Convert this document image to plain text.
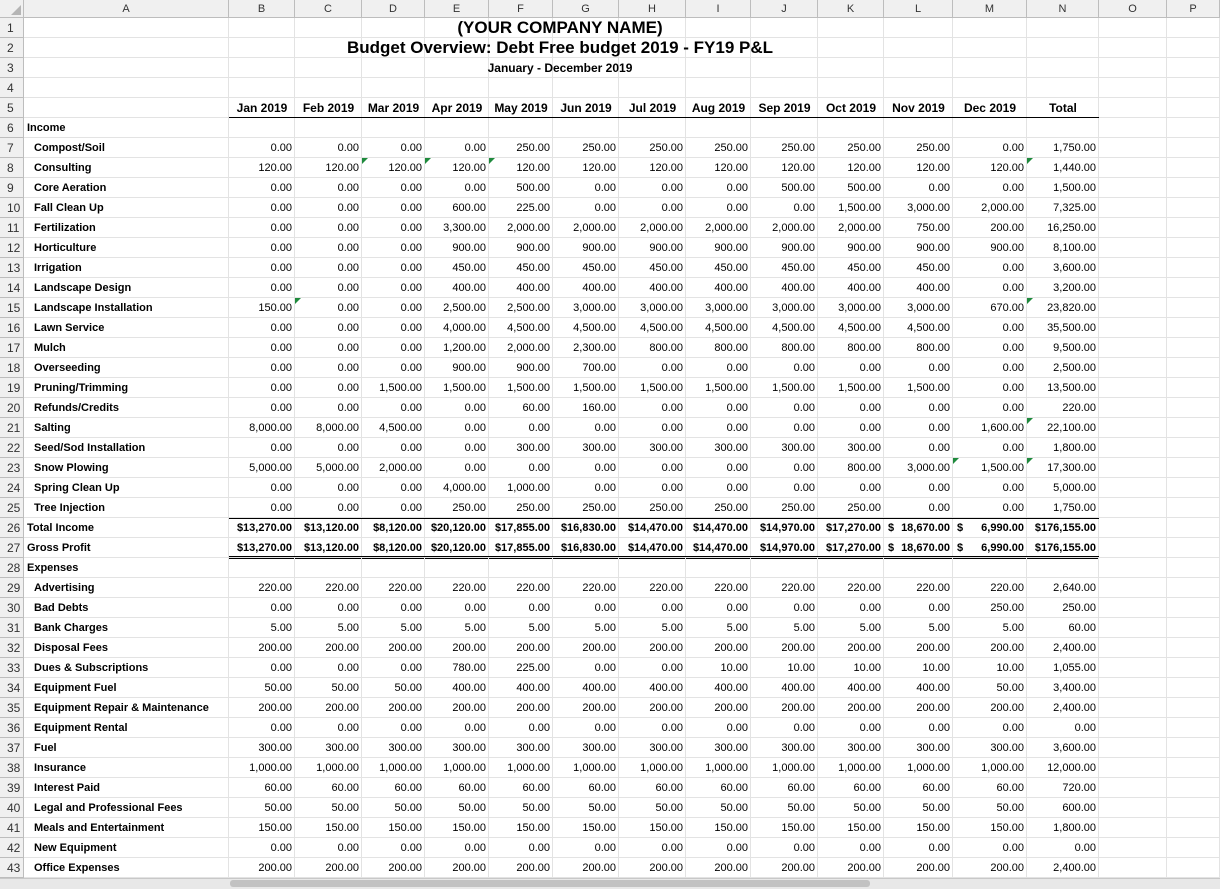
A	B	C	D	E	F	G	H	I	J	K	L	M	N	O	P
1	(YOUR COMPANY NAME)
2	Budget Overview: Debt Free budget 2019 - FY19 P&L
3	January - December 2019
4
5	Jan 2019	Feb 2019	Mar 2019	Apr 2019 May 2019	Jun 2019	Jul 2019	Aug 2019	Sep 2019	Oct 2019	Nov 2019	Dec 2019	Total
6	Income
7	Compost/Soil	0.00	0.00	0.00	0.00	250.00	250.00	250.00	250.00	250.00	250.00	250.00	0.00	1,750.00
8	Consulting	120.00	120.00	120.00	120.00	120.00	120.00	120.00	120.00	120.00	120.00	120.00	120.00	1,440.00
9	Core Aeration	0.00	0.00	0.00	0.00	500.00	0.00	0.00	0.00	500.00	500.00	0.00	0.00	1,500.00
10	Fall Clean Up	0.00	0.00	0.00	600.00	225.00	0.00	0.00	0.00	0.00	1,500.00	3,000.00	2,000.00	7,325.00
11	Fertilization	0.00	0.00	0.00	3,300.00	2,000.00	2,000.00	2,000.00	2,000.00	2,000.00	2,000.00	750.00	200.00	16,250.00
12	Horticulture	0.00	0.00	0.00	900.00	900.00	900.00	900.00	900.00	900.00	900.00	900.00	900.00	8,100.00
13	Irrigation	0.00	0.00	0.00	450.00	450.00	450.00	450.00	450.00	450.00	450.00	450.00	0.00	3,600.00
14	Landscape Design	0.00	0.00	0.00	400.00	400.00	400.00	400.00	400.00	400.00	400.00	400.00	0.00	3,200.00
15	Landscape Installation	150.00	0.00	0.00	2,500.00	2,500.00	3,000.00	3,000.00	3,000.00	3,000.00	3,000.00	3,000.00	670.00	23,820.00
16	Lawn Service	0.00	0.00	0.00	4,000.00	4,500.00	4,500.00	4,500.00	4,500.00	4,500.00	4,500.00	4,500.00	0.00	35,500.00
17	Mulch	0.00	0.00	0.00	1,200.00	2,000.00	2,300.00	800.00	800.00	800.00	800.00	800.00	0.00	9,500.00
18	Overseeding	0.00	0.00	0.00	900.00	900.00	700.00	0.00	0.00	0.00	0.00	0.00	0.00	2,500.00
19	Pruning/Trimming	0.00	0.00	1,500.00	1,500.00	1,500.00	1,500.00	1,500.00	1,500.00	1,500.00	1,500.00	1,500.00	0.00	13,500.00
20	Refunds/Credits	0.00	0.00	0.00	0.00	60.00	160.00	0.00	0.00	0.00	0.00	0.00	0.00	220.00
21	Salting	8,000.00	8,000.00	4,500.00	0.00	0.00	0.00	0.00	0.00	0.00	0.00	0.00	1,600.00	22,100.00
22	Seed/Sod Installation	0.00	0.00	0.00	0.00	300.00	300.00	300.00	300.00	300.00	300.00	0.00	0.00	1,800.00
23	Snow Plowing	5,000.00	5,000.00	2,000.00	0.00	0.00	0.00	0.00	0.00	0.00	800.00	3,000.00	1,500.00	17,300.00
24	Spring Clean Up	0.00	0.00	0.00	4,000.00	1,000.00	0.00	0.00	0.00	0.00	0.00	0.00	0.00	5,000.00
25	Tree Injection	0.00	0.00	0.00	250.00	250.00	250.00	250.00	250.00	250.00	250.00	0.00	0.00	1,750.00
26 Total Income	$13,270.00	$13,120.00	$8,120.00 $20,120.00 $17,855.00 $16,830.00	$14,470.00 $14,470.00	$14,970.00 $17,270.00 $ 18,670.00 $ 6,990.00 $176,155.00
27 Gross Profit	$13,270.00	$13,120.00	$8,120.00 $20,120.00 $17,855.00 $16,830.00	$14,470.00 $14,470.00	$14,970.00 $17,270.00 $ 18,670.00 $ 6,990.00 $176,155.00
28 Expenses
29	Advertising	220.00	220.00	220.00	220.00	220.00	220.00	220.00	220.00	220.00	220.00	220.00	220.00	2,640.00
30	Bad Debts	0.00	0.00	0.00	0.00	0.00	0.00	0.00	0.00	0.00	0.00	0.00	250.00	250.00
31	Bank Charges	5.00	5.00	5.00	5.00	5.00	5.00	5.00	5.00	5.00	5.00	5.00	5.00	60.00
32	Disposal Fees	200.00	200.00	200.00	200.00	200.00	200.00	200.00	200.00	200.00	200.00	200.00	200.00	2,400.00
33	Dues & Subscriptions	0.00	0.00	0.00	780.00	225.00	0.00	0.00	10.00	10.00	10.00	10.00	10.00	1,055.00
34	Equipment Fuel	50.00	50.00	50.00	400.00	400.00	400.00	400.00	400.00	400.00	400.00	400.00	50.00	3,400.00
35	Equipment Repair & Maintenance	200.00	200.00	200.00	200.00	200.00	200.00	200.00	200.00	200.00	200.00	200.00	200.00	2,400.00
36	Equipment Rental	0.00	0.00	0.00	0.00	0.00	0.00	0.00	0.00	0.00	0.00	0.00	0.00	0.00
37	Fuel	300.00	300.00	300.00	300.00	300.00	300.00	300.00	300.00	300.00	300.00	300.00	300.00	3,600.00
38	Insurance	1,000.00	1,000.00	1,000.00	1,000.00	1,000.00	1,000.00	1,000.00	1,000.00	1,000.00	1,000.00	1,000.00	1,000.00	12,000.00
39	Interest Paid	60.00	60.00	60.00	60.00	60.00	60.00	60.00	60.00	60.00	60.00	60.00	60.00	720.00
40	Legal and Professional Fees	50.00	50.00	50.00	50.00	50.00	50.00	50.00	50.00	50.00	50.00	50.00	50.00	600.00
41	Meals and Entertainment	150.00	150.00	150.00	150.00	150.00	150.00	150.00	150.00	150.00	150.00	150.00	150.00	1,800.00
42	New Equipment	0.00	0.00	0.00	0.00	0.00	0.00	0.00	0.00	0.00	0.00	0.00	0.00	0.00
43	Office Expenses	200.00	200.00	200.00	200.00	200.00	200.00	200.00	200.00	200.00	200.00	200.00	200.00	2,400.00
